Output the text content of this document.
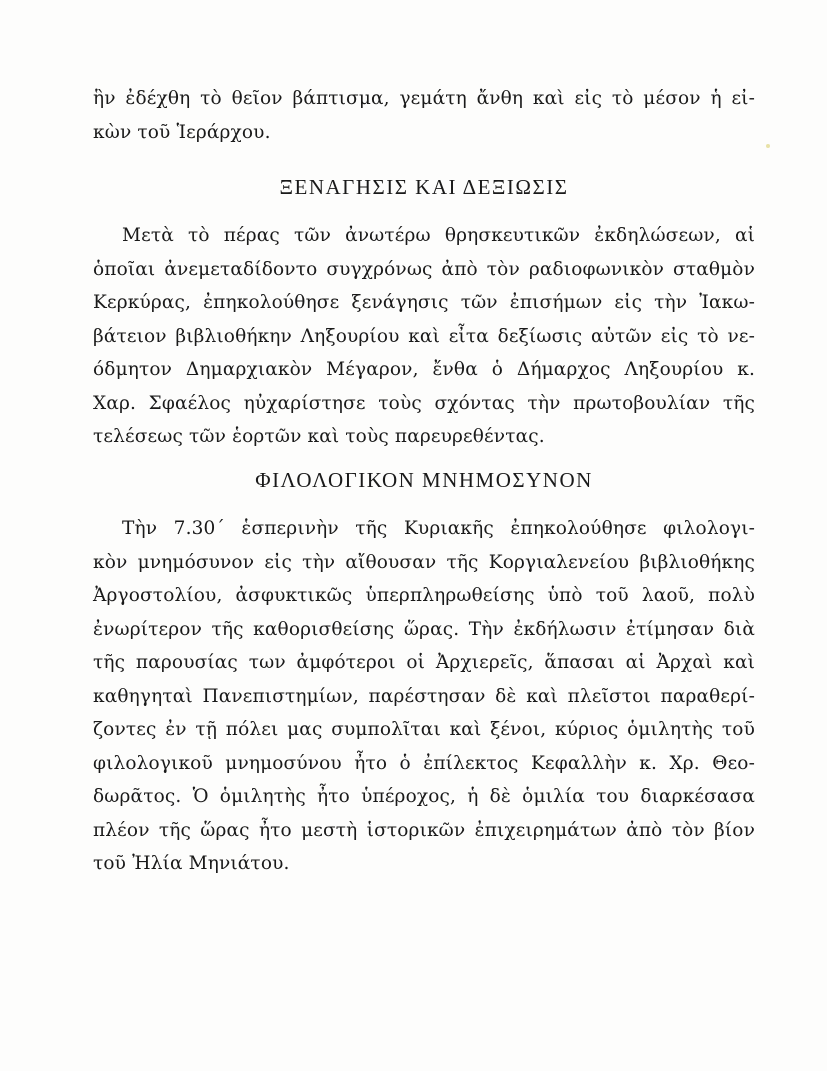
ἣν ἐδέχθη τὸ θεῖον βάπτισμα, γεμάτη ἄνθη καὶ εἰς τὸ μέσον ἡ εἰ-
κὼν τοῦ Ἱεράρχου.
ΞΕΝΑΓΗΣΙΣ ΚΑΙ ΔΕΞΙΩΣΙΣ
Μετὰ τὸ πέρας τῶν ἀνωτέρω θρησκευτικῶν ἐκδηλώσεων, αἱ
ὁποῖαι ἀνεμεταδίδοντο συγχρόνως ἀπὸ τὸν ραδιοφωνικὸν σταθμὸν
Κερκύρας, ἐπηκολούθησε ξενάγησις τῶν ἐπισήμων εἰς τὴν Ἰακω-
βάτειον βιβλιοθήκην Ληξουρίου καὶ εἶτα δεξίωσις αὐτῶν εἰς τὸ νε-
όδμητον Δημαρχιακὸν Μέγαρον, ἔνθα ὁ Δήμαρχος Ληξουρίου κ.
Χαρ. Σφαέλος ηὐχαρίστησε τοὺς σχόντας τὴν πρωτοβουλίαν τῆς
τελέσεως τῶν ἑορτῶν καὶ τοὺς παρευρεθέντας.
ΦΙΛΟΛΟΓΙΚΟΝ ΜΝΗΜΟΣΥΝΟΝ
Τὴν 7.30΄ ἑσπερινὴν τῆς Κυριακῆς ἐπηκολούθησε φιλολογι-
κὸν μνημόσυνον εἰς τὴν αἴθουσαν τῆς Κοργιαλενείου βιβλιοθήκης
Ἀργοστολίου, ἀσφυκτικῶς ὑπερπληρωθείσης ὑπὸ τοῦ λαοῦ, πολὺ
ἐνωρίτερον τῆς καθορισθείσης ὥρας. Τὴν ἐκδήλωσιν ἐτίμησαν διὰ
τῆς παρουσίας των ἀμφότεροι οἱ Ἀρχιερεῖς, ἅπασαι αἱ Ἀρχαὶ καὶ
καθηγηταὶ Πανεπιστημίων, παρέστησαν δὲ καὶ πλεῖστοι παραθερί-
ζοντες ἐν τῇ πόλει μας συμπολῖται καὶ ξένοι, κύριος ὁμιλητὴς τοῦ
φιλολογικοῦ μνημοσύνου ἦτο ὁ ἐπίλεκτος Κεφαλλὴν κ. Χρ. Θεο-
δωρᾶτος. Ὁ ὁμιλητὴς ἦτο ὑπέροχος, ἡ δὲ ὁμιλία του διαρκέσασα
πλέον τῆς ὥρας ἦτο μεστὴ ἱστορικῶν ἐπιχειρημάτων ἀπὸ τὸν βίον
τοῦ Ἠλία Μηνιάτου.
